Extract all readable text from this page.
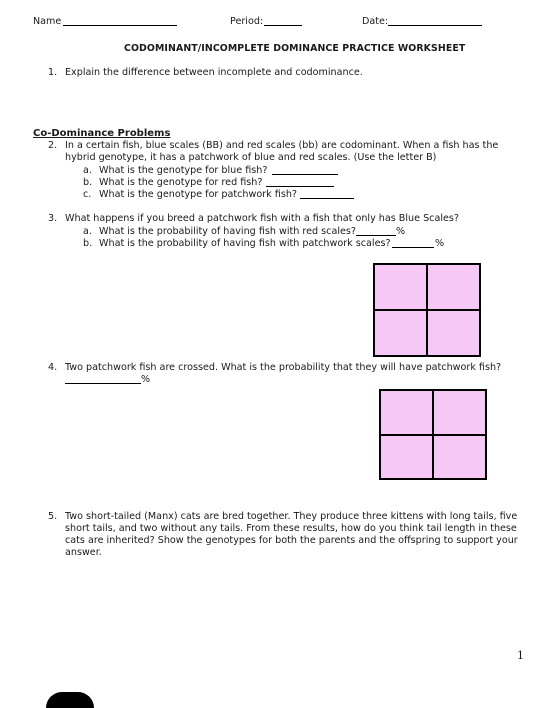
Name	Period:	Date:
CODOMINANT/INCOMPLETE DOMINANCE PRACTICE WORKSHEET
1. Explain the difference between incomplete and codominance.
Co-Dominance Problems
2. In a certain fish, blue scales (BB) and red scales (bb) are codominant. When a fish has the
hybrid genotype, it has a patchwork of blue and red scales. (Use the letter B)
a. What is the genotype for blue fish?
b. What is the genotype for red fish?
c. What is the genotype for patchwork fish?
3. What happens if you breed a patchwork fish with a fish that only has Blue Scales?
a. What is the probability of having fish with red scales?	%
b. What is the probability of having fish with patchwork scales?	%
4. Two patchwork fish are crossed. What is the probability that they will have patchwork fish?
%
5. Two short-tailed (Manx) cats are bred together. They produce three kittens with long tails, five
short tails, and two without any tails. From these results, how do you think tail length in these
cats are inherited? Show the genotypes for both the parents and the offspring to support your
answer.
1
